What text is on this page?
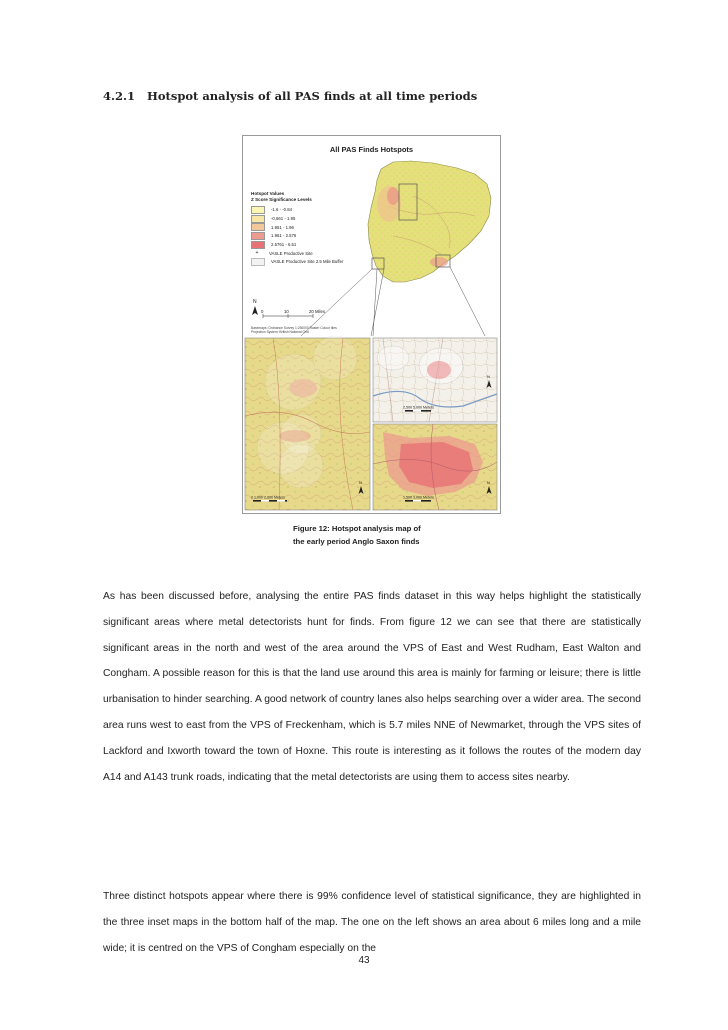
4.2.1 Hotspot analysis of all PAS finds at all time periods
All PAS Finds Hotspots
N
0	10	20 Miles
Basemaps: Ordnance Survey 1:250000 Raster Colour tiles
Projection System: British National Grid
Hotspot Values
Z Score Significance Levels
-1.6 - -0.84
-0,661 - 1.95
1.951 - 1.96
1.961 - 2.576
2.5761 - 6.51
+	VASLE Productive Site
VASLE Productive Site 2.5 Mile Buffer
N
0 1,000 2,000 Meters
N
2,500 5,000 Meters
N
1,500 3,000 Meters
Figure 12: Hotspot analysis map of
the early period Anglo Saxon finds

As has been discussed before, analysing the entire PAS finds dataset in this way helps highlight the statistically significant areas where metal detectorists hunt for finds. From figure 12 we can see that there are statistically significant areas in the north and west of the area around the VPS of East and West Rudham, East Walton and Congham. A possible reason for this is that the land use around this area is mainly for farming or leisure; there is little urbanisation to hinder searching. A good network of country lanes also helps searching over a wider area. The second area runs west to east from the VPS of Freckenham, which is 5.7 miles NNE of Newmarket, through the VPS sites of Lackford and Ixworth toward the town of Hoxne. This route is interesting as it follows the routes of the modern day A14 and A143 trunk roads, indicating that the metal detectorists are using them to access sites nearby.

Three distinct hotspots appear where there is 99% confidence level of statistical significance, they are highlighted in the three inset maps in the bottom half of the map. The one on the left shows an area about 6 miles long and a mile wide; it is centred on the VPS of Congham especially on the

43
